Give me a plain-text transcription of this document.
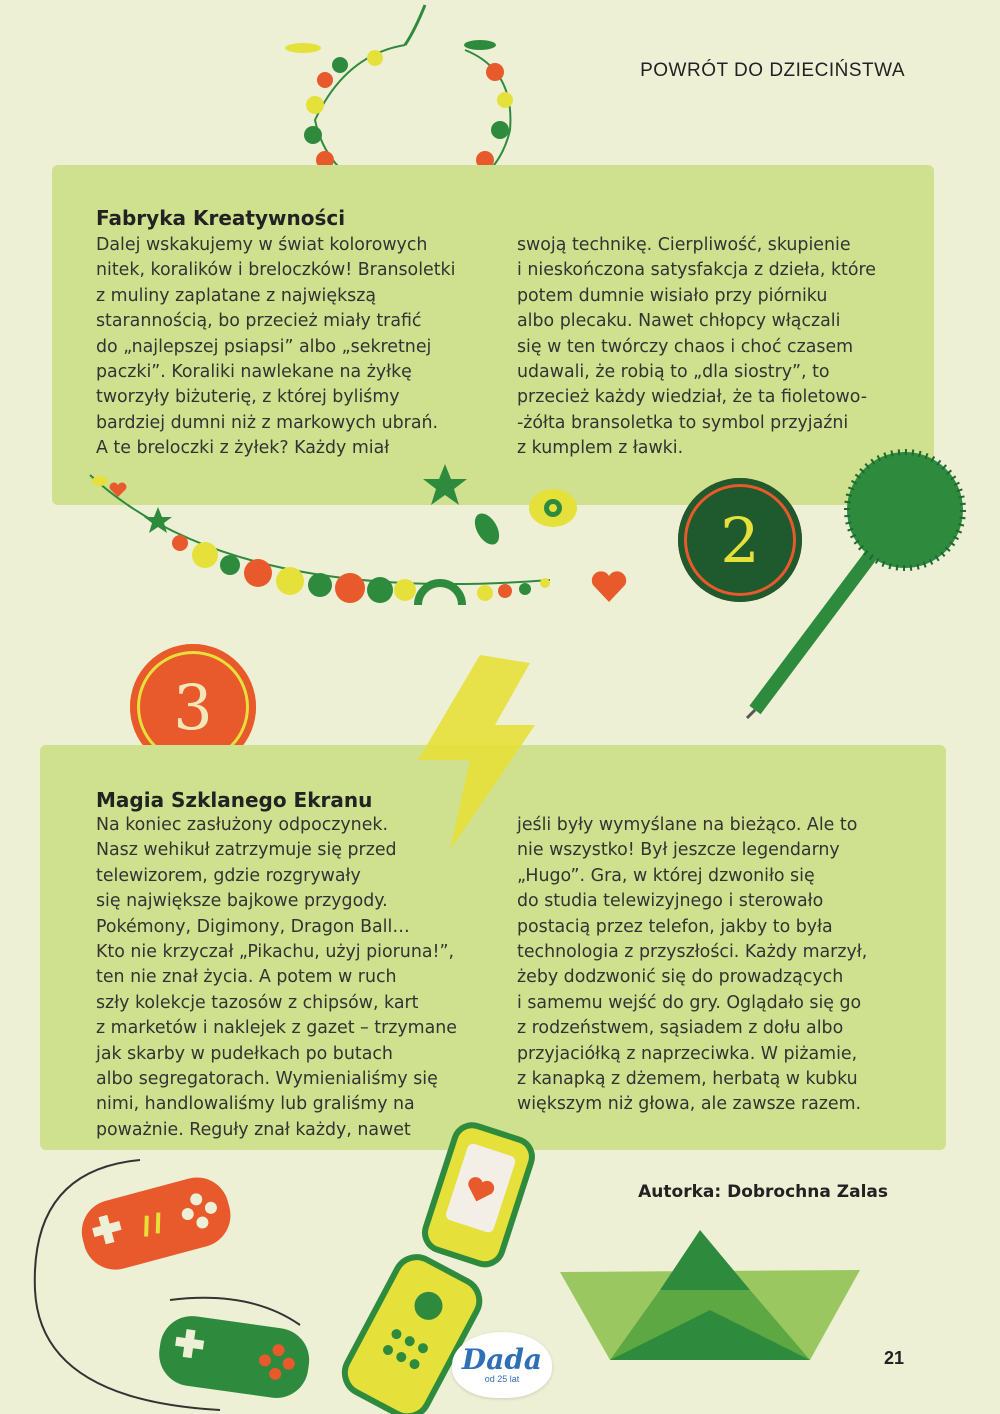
POWRÓT DO DZIECIŃSTWA
Fabryka Kreatywności

Dalej wskakujemy w świat kolorowych

nitek, koralików i breloczków! Bransoletki

z muliny zaplatane z największą

starannością, bo przecież miały trafić

do „najlepszej psiapsi” albo „sekretnej

paczki”. Koraliki nawlekane na żyłkę

tworzyły biżuterię, z której byliśmy

bardziej dumni niż z markowych ubrań.

A te breloczki z żyłek? Każdy miał

swoją technikę. Cierpliwość, skupienie

i nieskończona satysfakcja z dzieła, które

potem dumnie wisiało przy piórniku

albo plecaku. Nawet chłopcy włączali

się w ten twórczy chaos i choć czasem

udawali, że robią to „dla siostry”, to

przecież każdy wiedział, że ta fioletowo-

-żółta bransoletka to symbol przyjaźni

z kumplem z ławki.

2
3
Magia Szklanego Ekranu

Na koniec zasłużony odpoczynek.

Nasz wehikuł zatrzymuje się przed

telewizorem, gdzie rozgrywały

się największe bajkowe przygody.

Pokémony, Digimony, Dragon Ball…

Kto nie krzyczał „Pikachu, użyj pioruna!”,

ten nie znał życia. A potem w ruch

szły kolekcje tazosów z chipsów, kart

z marketów i naklejek z gazet – trzymane

jak skarby w pudełkach po butach

albo segregatorach. Wymienialiśmy się

nimi, handlowaliśmy lub graliśmy na

poważnie. Reguły znał każdy, nawet

jeśli były wymyślane na bieżąco. Ale to

nie wszystko! Był jeszcze legendarny

„Hugo”. Gra, w której dzwoniło się

do studia telewizyjnego i sterowało

postacią przez telefon, jakby to była

technologia z przyszłości. Każdy marzył,

żeby dodzwonić się do prowadzących

i samemu wejść do gry. Oglądało się go

z rodzeństwem, sąsiadem z dołu albo

przyjaciółką z naprzeciwka. W piżamie,

z kanapką z dżemem, herbatą w kubku

większym niż głowa, ale zawsze razem.

Autorka: Dobrochna Zalas
Dada
od 25 lat
21
